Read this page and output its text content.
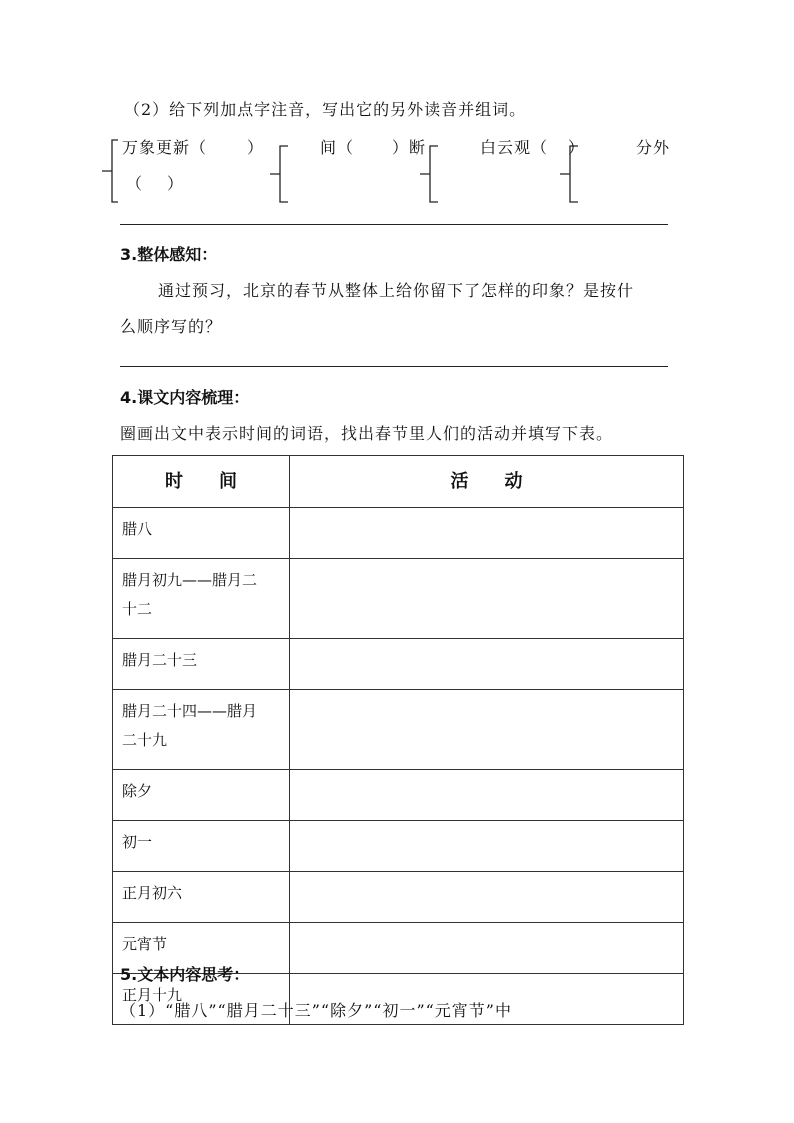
（2）给下列加点字注音，写出它的另外读音并组词。
万象更新（	）
（ ）
间（ ）断	白云观（ ）	分外
3.整体感知：
通过预习，北京的春节从整体上给你留下了怎样的印象？是按什
么顺序写的？
4.课文内容梳理：
圈画出文中表示时间的词语，找出春节里人们的活动并填写下表。
时　　间	活　　动
腊八	
腊月初九——腊月二
十二	
腊月二十三	
腊月二十四——腊月
二十九	
除夕	
初一	
正月初六	
元宵节	
正月十九	
5.文本内容思考：
（1）“腊八”“腊月二十三”“除夕”“初一”“元宵节”中
